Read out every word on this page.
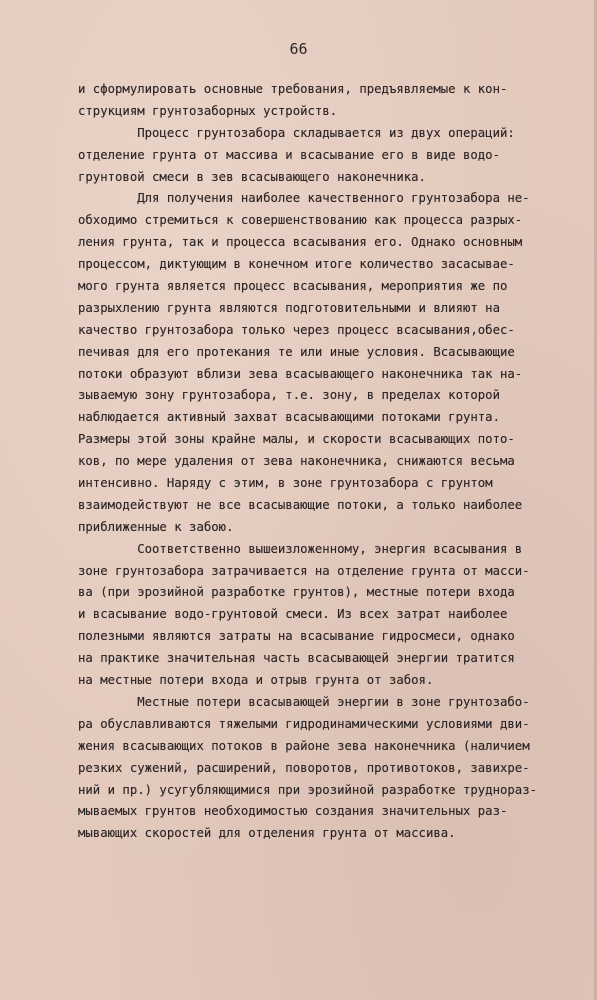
66
и сформулировать основные требования, предъявляемые к кон-
струкциям грунтозаборных устройств.
Процесс грунтозабора складывается из двух операций:
отделение грунта от массива и всасывание его в виде водо-
грунтовой смеси в зев всасывающего наконечника.
Для получения наиболее качественного грунтозабора не-
обходимо стремиться к совершенствованию как процесса разрых-
ления грунта, так и процесса всасывания его. Однако основным
процессом, диктующим в конечном итоге количество засасывае-
мого грунта является процесс всасывания, мероприятия же по
разрыхлению грунта являются подготовительными и влияют на
качество грунтозабора только через процесс всасывания,обес-
печивая для его протекания те или иные условия. Всасывающие
потоки образуют вблизи зева всасывающего наконечника так на-
зываемую зону грунтозабора, т.е. зону, в пределах которой
наблюдается активный захват всасывающими потоками грунта.
Размеры этой зоны крайне малы, и скорости всасывающих пото-
ков, по мере удаления от зева наконечника, снижаются весьма
интенсивно. Наряду с этим, в зоне грунтозабора с грунтом
взаимодействуют не все всасывающие потоки, а только наиболее
приближенные к забою.
Соответственно вышеизложенному, энергия всасывания в
зоне грунтозабора затрачивается на отделение грунта от масси-
ва (при эрозийной разработке грунтов), местные потери входа
и всасывание водо-грунтовой смеси. Из всех затрат наиболее
полезными являются затраты на всасывание гидросмеси, однако
на практике значительная часть всасывающей энергии тратится
на местные потери входа и отрыв грунта от забоя.
Местные потери всасывающей энергии в зоне грунтозабо-
ра обуславливаются тяжелыми гидродинамическими условиями дви-
жения всасывающих потоков в районе зева наконечника (наличием
резких сужений, расширений, поворотов, противотоков, завихре-
ний и пр.) усугубляющимися при эрозийной разработке труднораз-
мываемых грунтов необходимостью создания значительных раз-
мывающих скоростей для отделения грунта от массива.
